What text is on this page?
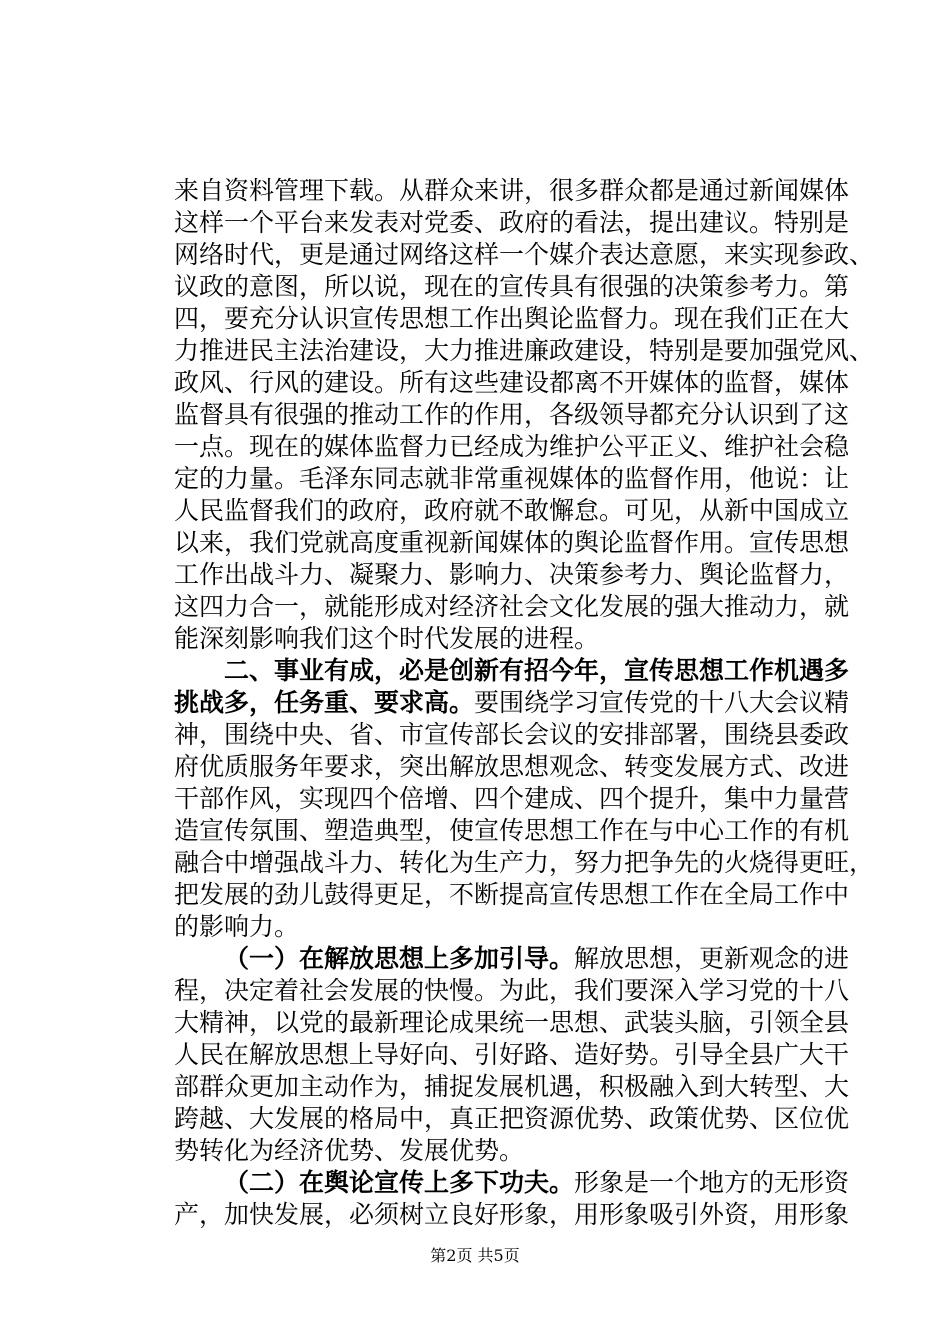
来自资料管理下载。从群众来讲，很多群众都是通过新闻媒体
这样一个平台来发表对党委、政府的看法，提出建议。特别是
网络时代，更是通过网络这样一个媒介表达意愿，来实现参政、
议政的意图，所以说，现在的宣传具有很强的决策参考力。第
四，要充分认识宣传思想工作出舆论监督力。现在我们正在大
力推进民主法治建设，大力推进廉政建设，特别是要加强党风、
政风、行风的建设。所有这些建设都离不开媒体的监督，媒体
监督具有很强的推动工作的作用，各级领导都充分认识到了这
一点。现在的媒体监督力已经成为维护公平正义、维护社会稳
定的力量。毛泽东同志就非常重视媒体的监督作用，他说：让
人民监督我们的政府，政府就不敢懈怠。可见，从新中国成立
以来，我们党就高度重视新闻媒体的舆论监督作用。宣传思想
工作出战斗力、凝聚力、影响力、决策参考力、舆论监督力，
这四力合一，就能形成对经济社会文化发展的强大推动力，就
能深刻影响我们这个时代发展的进程。
二、事业有成，必是创新有招今年，宣传思想工作机遇多
挑战多，任务重、要求高。要围绕学习宣传党的十八大会议精
神，围绕中央、省、市宣传部长会议的安排部署，围绕县委政
府优质服务年要求，突出解放思想观念、转变发展方式、改进
干部作风，实现四个倍增、四个建成、四个提升，集中力量营
造宣传氛围、塑造典型，使宣传思想工作在与中心工作的有机
融合中增强战斗力、转化为生产力，努力把争先的火烧得更旺，
把发展的劲儿鼓得更足，不断提高宣传思想工作在全局工作中
的影响力。
（一）在解放思想上多加引导。解放思想，更新观念的进
程，决定着社会发展的快慢。为此，我们要深入学习党的十八
大精神，以党的最新理论成果统一思想、武装头脑，引领全县
人民在解放思想上导好向、引好路、造好势。引导全县广大干
部群众更加主动作为，捕捉发展机遇，积极融入到大转型、大
跨越、大发展的格局中，真正把资源优势、政策优势、区位优
势转化为经济优势、发展优势。
（二）在舆论宣传上多下功夫。形象是一个地方的无形资
产，加快发展，必须树立良好形象，用形象吸引外资，用形象
第2页 共5页
